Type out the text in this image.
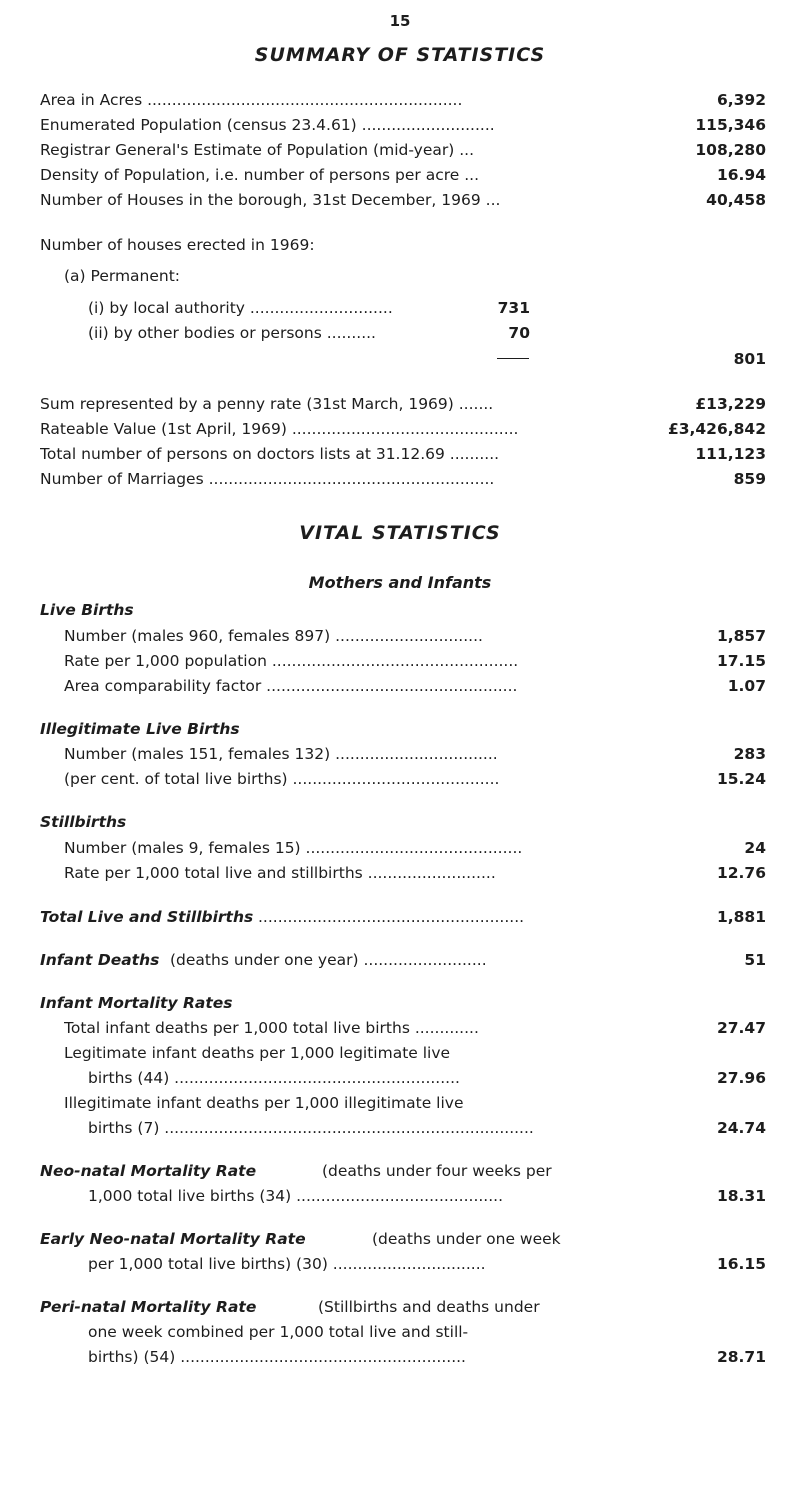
15
SUMMARY OF STATISTICS
Area in Acres ................................................................	6,392
Enumerated Population (census 23.4.61) ...........................	115,346
Registrar General's Estimate of Population (mid-year) ...	108,280
Density of Population, i.e. number of persons per acre ...	16.94
Number of Houses in the borough, 31st December, 1969 ...	40,458
Number of houses erected in 1969:
(a) Permanent:
(i) by local authority .............................	731
(ii) by other bodies or persons ..........	70
801
Sum represented by a penny rate (31st March, 1969) .......	£13,229
Rateable Value (1st April, 1969) ..............................................	£3,426,842
Total number of persons on doctors lists at 31.12.69 ..........	111,123
Number of Marriages ..........................................................	859
VITAL STATISTICS
Mothers and Infants
Live Births
Number (males 960, females 897) ..............................	1,857
Rate per 1,000 population ..................................................	17.15
Area comparability factor ...................................................	1.07
Illegitimate Live Births
Number (males 151, females 132) .................................	283
(per cent. of total live births) ..........................................	15.24
Stillbirths
Number (males 9, females 15) ............................................	24
Rate per 1,000 total live and stillbirths ..........................	12.76
Total Live and Stillbirths ......................................................	1,881
Infant Deaths (deaths under one year) .........................	51
Infant Mortality Rates
Total infant deaths per 1,000 total live births .............	27.47
Legitimate infant deaths per 1,000 legitimate live
births (44) ..........................................................	27.96
Illegitimate infant deaths per 1,000 illegitimate live
births (7) ...........................................................................	24.74
Neo-natal Mortality Rate	(deaths under four weeks per
1,000 total live births (34) ..........................................	18.31
Early Neo-natal Mortality Rate	(deaths under one week
per 1,000 total live births) (30) ...............................	16.15
Peri-natal Mortality Rate	(Stillbirths and deaths under
one week combined per 1,000 total live and still-
births) (54) ..........................................................	28.71
